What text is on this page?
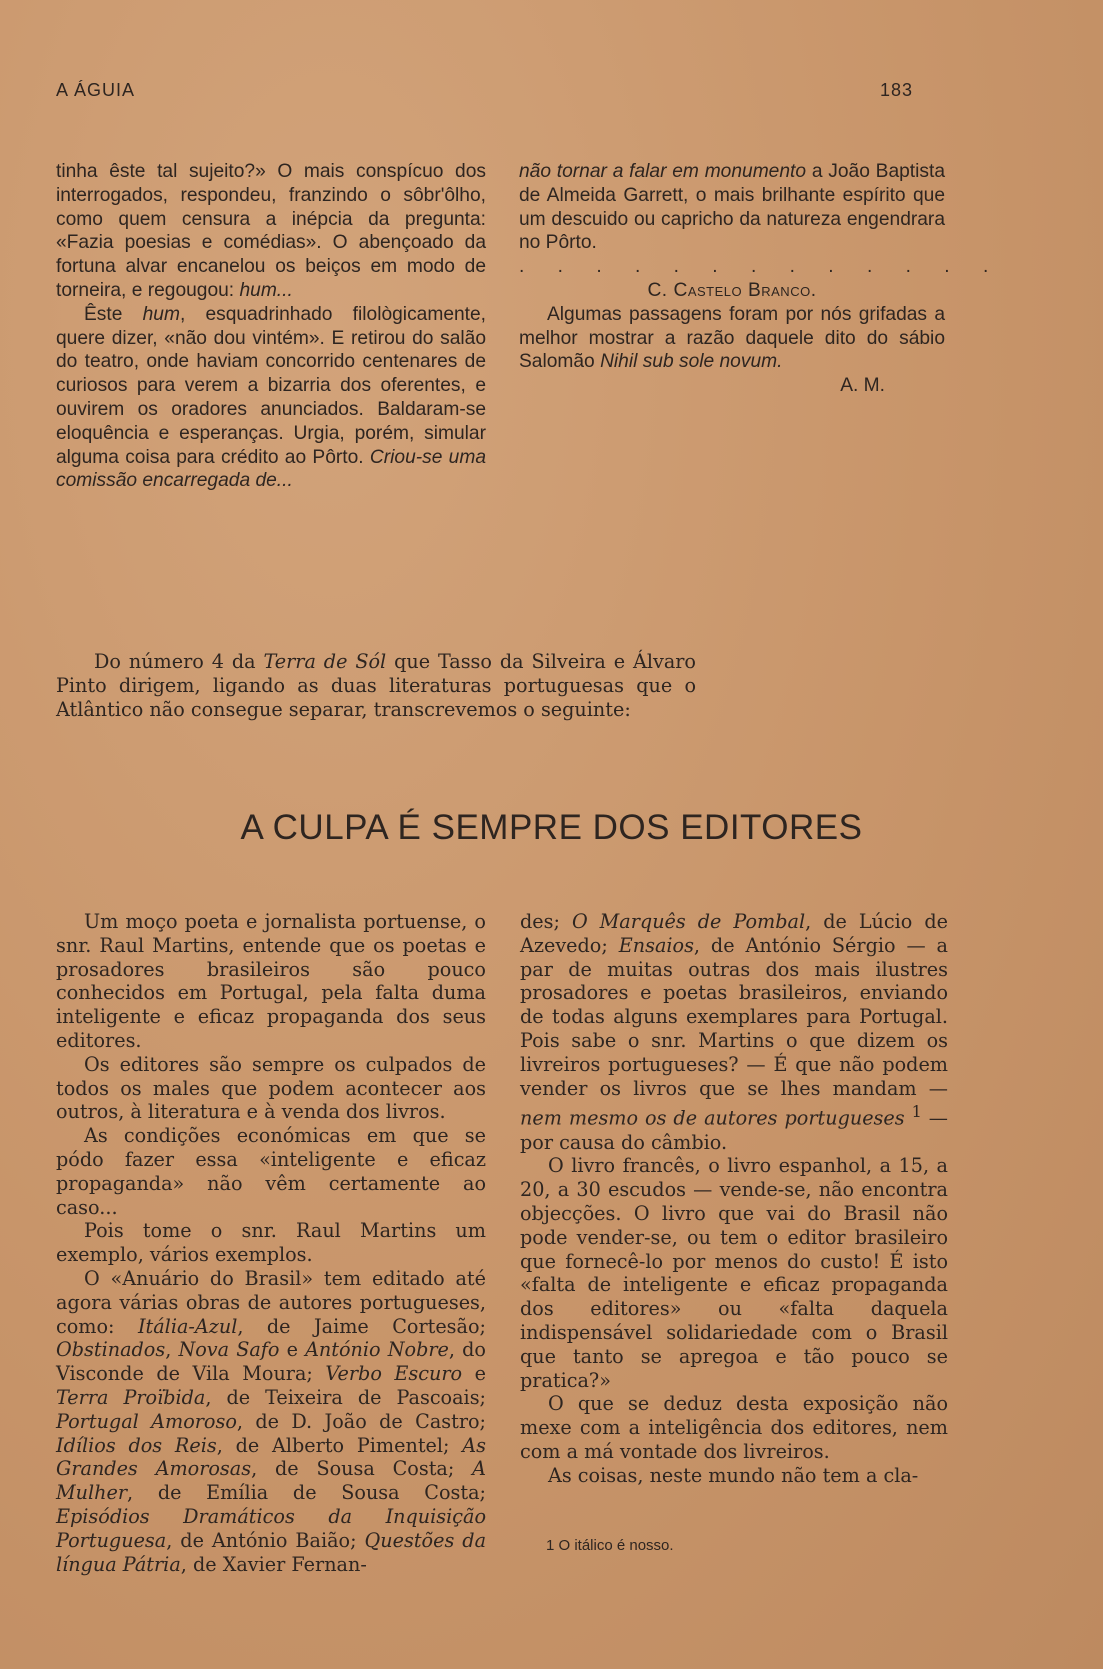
A ÁGUIA	183

tinha êste tal sujeito?» O mais conspícuo dos interrogados, respondeu, franzindo o sôbr'ôlho, como quem censura a inépcia da pregunta: «Fazia poesias e comédias». O abençoado da fortuna alvar encanelou os beiços em modo de torneira, e regougou: hum...

Êste hum, esquadrinhado filològicamente, quere dizer, «não dou vintém». E retirou do salão do teatro, onde haviam concorrido centenares de curiosos para verem a bizarria dos oferentes, e ouvirem os oradores anunciados. Baldaram-se eloquência e esperanças. Urgia, porém, simular alguma coisa para crédito ao Pôrto. Criou-se uma comissão encarregada de...

não tornar a falar em monumento a João Baptista de Almeida Garrett, o mais brilhante espírito que um descuido ou capricho da natureza engendrara no Pôrto.

. . . . . . . . . . . . .

C. Castelo Branco.

Algumas passagens foram por nós grifadas a melhor mostrar a razão daquele dito do sábio Salomão Nihil sub sole novum.

A. M.

Do número 4 da Terra de Sól que Tasso da Silveira e Álvaro Pinto dirigem, ligando as duas literaturas portuguesas que o Atlântico não consegue separar, transcrevemos o seguinte:

A CULPA É SEMPRE DOS EDITORES

Um moço poeta e jornalista portuense, o snr. Raul Martins, entende que os poetas e prosadores brasileiros são pouco conhecidos em Portugal, pela falta duma inteligente e eficaz propaganda dos seus editores.

Os editores são sempre os culpados de todos os males que podem acontecer aos outros, à literatura e à venda dos livros.

As condições económicas em que se pódo fazer essa «inteligente e eficaz propaganda» não vêm certamente ao caso...

Pois tome o snr. Raul Martins um exemplo, vários exemplos.

O «Anuário do Brasil» tem editado até agora várias obras de autores portugueses, como: Itália-Azul, de Jaime Cortesão; Obstinados, Nova Safo e António Nobre, do Visconde de Vila Moura; Verbo Escuro e Terra Proïbida, de Teixeira de Pascoais; Portugal Amoroso, de D. João de Castro; Idílios dos Reis, de Alberto Pimentel; As Grandes Amorosas, de Sousa Costa; A Mulher, de Emília de Sousa Costa; Episódios Dramáticos da Inquisição Portuguesa, de António Baião; Questões da língua Pátria, de Xavier Fernan-

des; O Marquês de Pombal, de Lúcio de Azevedo; Ensaios, de António Sérgio — a par de muitas outras dos mais ilustres prosadores e poetas brasileiros, enviando de todas alguns exemplares para Portugal. Pois sabe o snr. Martins o que dizem os livreiros portugueses? — É que não podem vender os livros que se lhes mandam — nem mesmo os de autores portugueses $^1$ — por causa do câmbio.

O livro francês, o livro espanhol, a 15, a 20, a 30 escudos — vende-se, não encontra objecções. O livro que vai do Brasil não pode vender-se, ou tem o editor brasileiro que fornecê-lo por menos do custo! É isto «falta de inteligente e eficaz propaganda dos editores» ou «falta daquela indispensável solidariedade com o Brasil que tanto se apregoa e tão pouco se pratica?»

O que se deduz desta exposição não mexe com a inteligência dos editores, nem com a má vontade dos livreiros.

As coisas, neste mundo não tem a cla-

1 O itálico é nosso.
